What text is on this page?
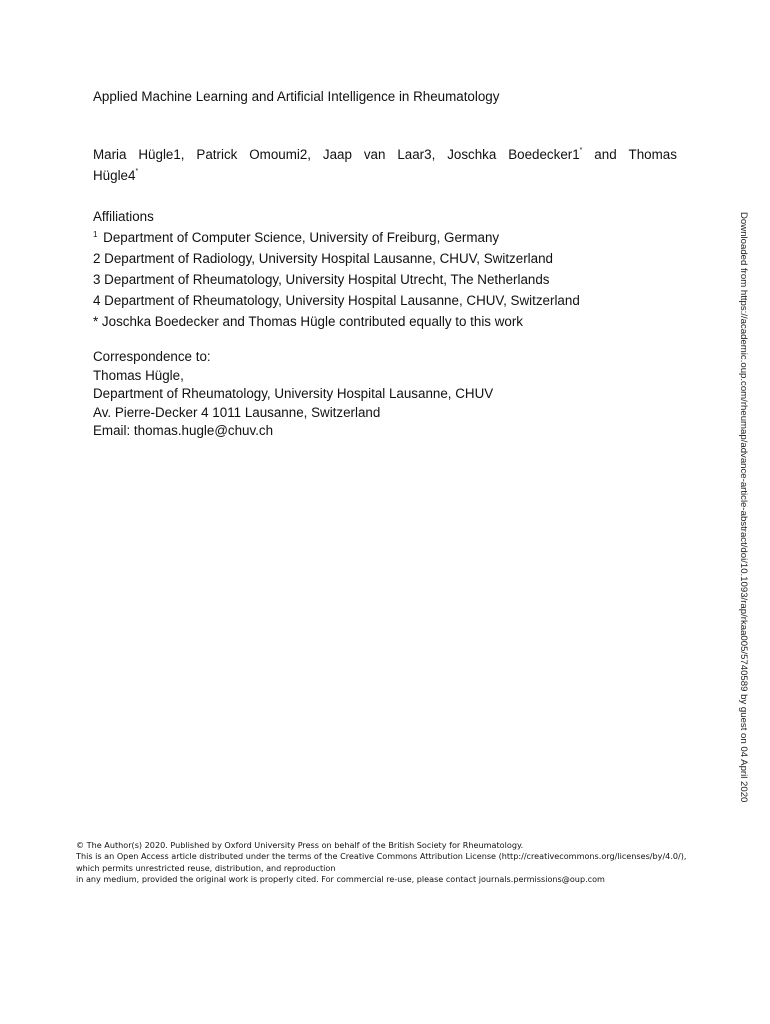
Applied Machine Learning and Artificial Intelligence in Rheumatology
Maria Hügle1, Patrick Omoumi2, Jaap van Laar3, Joschka Boedecker1* and Thomas
Hügle4*
Affiliations
$^1$ Department of Computer Science, University of Freiburg, Germany
2 Department of Radiology, University Hospital Lausanne, CHUV, Switzerland
3 Department of Rheumatology, University Hospital Utrecht, The Netherlands
4 Department of Rheumatology, University Hospital Lausanne, CHUV, Switzerland
* Joschka Boedecker and Thomas Hügle contributed equally to this work
Correspondence to:
Thomas Hügle,
Department of Rheumatology, University Hospital Lausanne, CHUV
Av. Pierre-Decker 4 1011 Lausanne, Switzerland
Email: thomas.hugle@chuv.ch	Downloaded from https://academic.oup.com/rheumap/advance-article-abstract/doi/10.1093/rap/rkaa005/5740589 by guest on 04 April 2020
© The Author(s) 2020. Published by Oxford University Press on behalf of the British Society for Rheumatology.
This is an Open Access article distributed under the terms of the Creative Commons Attribution License (http://creativecommons.org/licenses/by/4.0/),
which permits unrestricted reuse, distribution, and reproduction
in any medium, provided the original work is properly cited. For commercial re-use, please contact journals.permissions@oup.com
